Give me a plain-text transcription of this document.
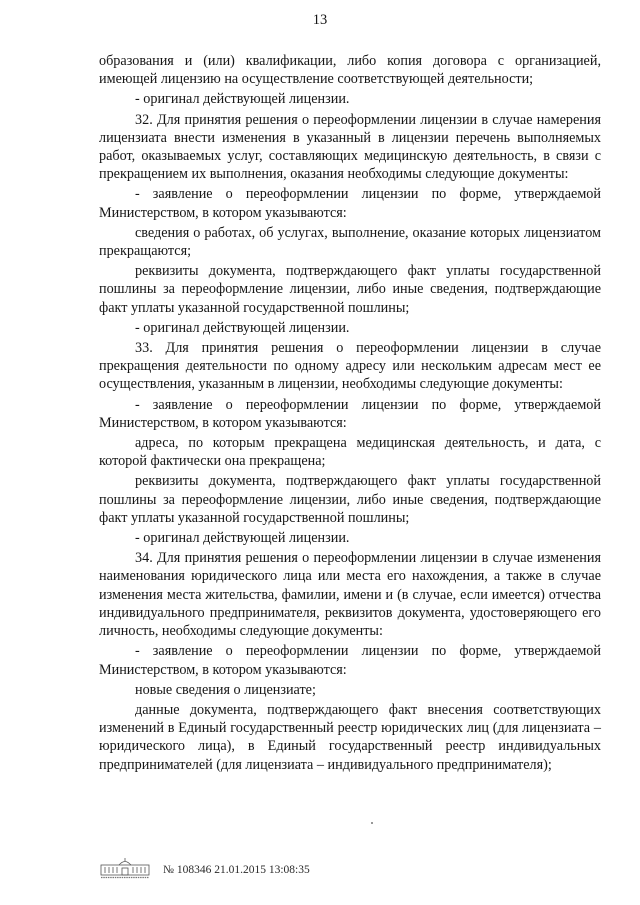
13

образования и (или) квалификации, либо копия договора с организацией, имеющей лицензию на осуществление соответствующей деятельности;

- оригинал действующей лицензии.

32. Для принятия решения о переоформлении лицензии в случае намерения лицензиата внести изменения в указанный в лицензии перечень выполняемых работ, оказываемых услуг, составляющих медицинскую деятельность, в связи с прекращением их выполнения, оказания необходимы следующие документы:

- заявление о переоформлении лицензии по форме, утверждаемой Министерством, в котором указываются:

сведения о работах, об услугах, выполнение, оказание которых лицензиатом прекращаются;

реквизиты документа, подтверждающего факт уплаты государственной пошлины за переоформление лицензии, либо иные сведения, подтверждающие факт уплаты указанной государственной пошлины;

- оригинал действующей лицензии.

33. Для принятия решения о переоформлении лицензии в случае прекращения деятельности по одному адресу или нескольким адресам мест ее осуществления, указанным в лицензии, необходимы следующие документы:

- заявление о переоформлении лицензии по форме, утверждаемой Министерством, в котором указываются:

адреса, по которым прекращена медицинская деятельность, и дата, с которой фактически она прекращена;

реквизиты документа, подтверждающего факт уплаты государственной пошлины за переоформление лицензии, либо иные сведения, подтверждающие факт уплаты указанной государственной пошлины;

- оригинал действующей лицензии.

34. Для принятия решения о переоформлении лицензии в случае изменения наименования юридического лица или места его нахождения, а также в случае изменения места жительства, фамилии, имени и (в случае, если имеется) отчества индивидуального предпринимателя, реквизитов документа, удостоверяющего его личность, необходимы следующие документы:

- заявление о переоформлении лицензии по форме, утверждаемой Министерством, в котором указываются:

новые сведения о лицензиате;

данные документа, подтверждающего факт внесения соответствующих изменений в Единый государственный реестр юридических лиц (для лицензиата – юридического лица), в Единый государственный реестр индивидуальных предпринимателей (для лицензиата – индивидуального предпринимателя);

№ 108346 21.01.2015 13:08:35
